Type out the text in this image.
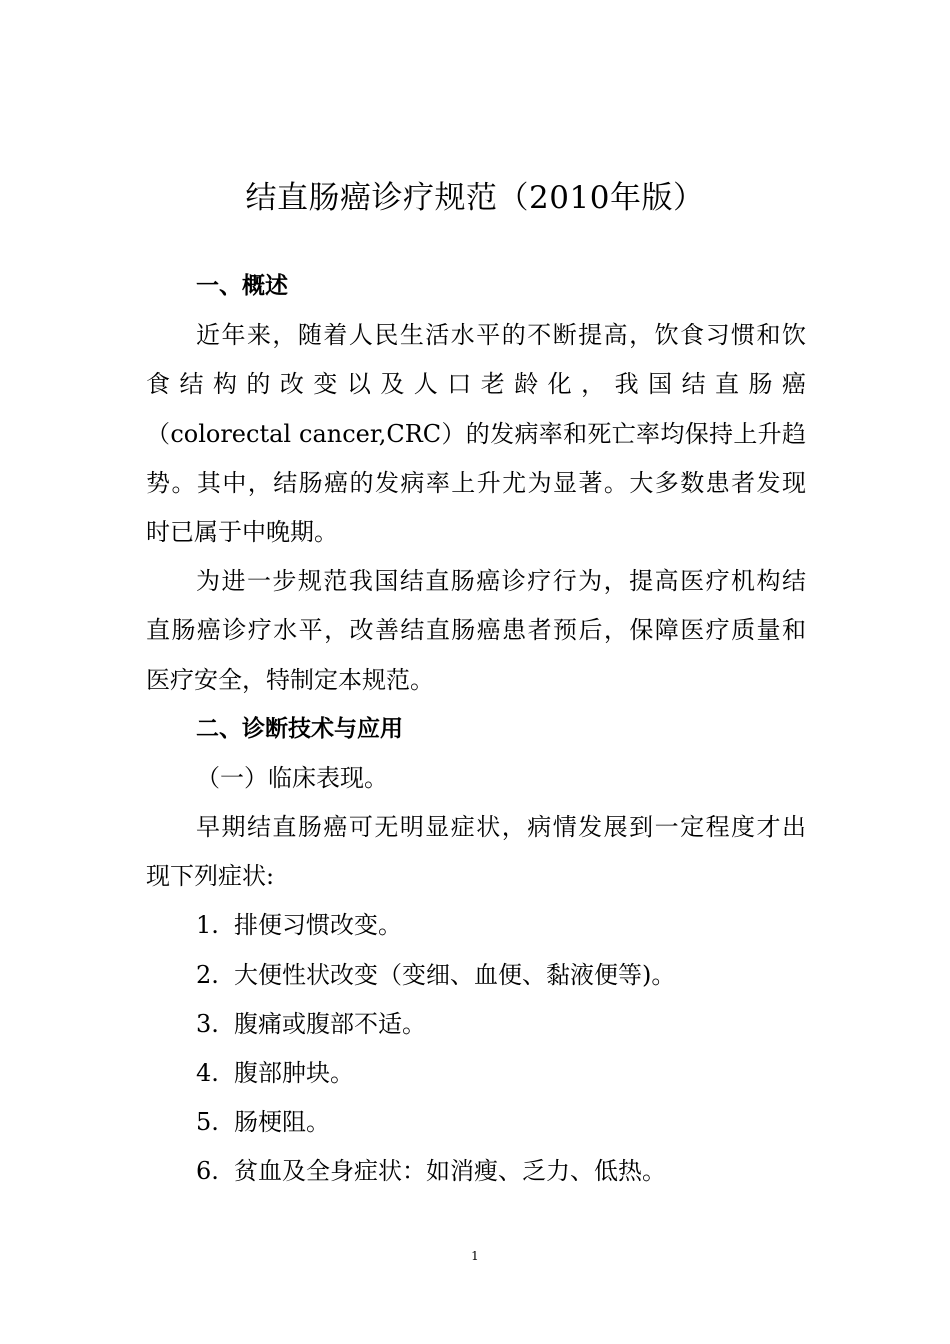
结直肠癌诊疗规范（2010年版）
一、概述
近年来，随着人民生活水平的不断提高，饮食习惯和饮
食结构的改变以及人口老龄化，我国结直肠癌
（colorectal cancer,CRC）的发病率和死亡率均保持上升趋
势。其中，结肠癌的发病率上升尤为显著。大多数患者发现
时已属于中晚期。
为进一步规范我国结直肠癌诊疗行为，提高医疗机构结
直肠癌诊疗水平，改善结直肠癌患者预后，保障医疗质量和
医疗安全，特制定本规范。
二、诊断技术与应用
（一）临床表现。
早期结直肠癌可无明显症状，病情发展到一定程度才出
现下列症状:
1. 排便习惯改变。
2. 大便性状改变（变细、血便、黏液便等)。
3. 腹痛或腹部不适。
4. 腹部肿块。
5. 肠梗阻。
6. 贫血及全身症状：如消瘦、乏力、低热。
1
